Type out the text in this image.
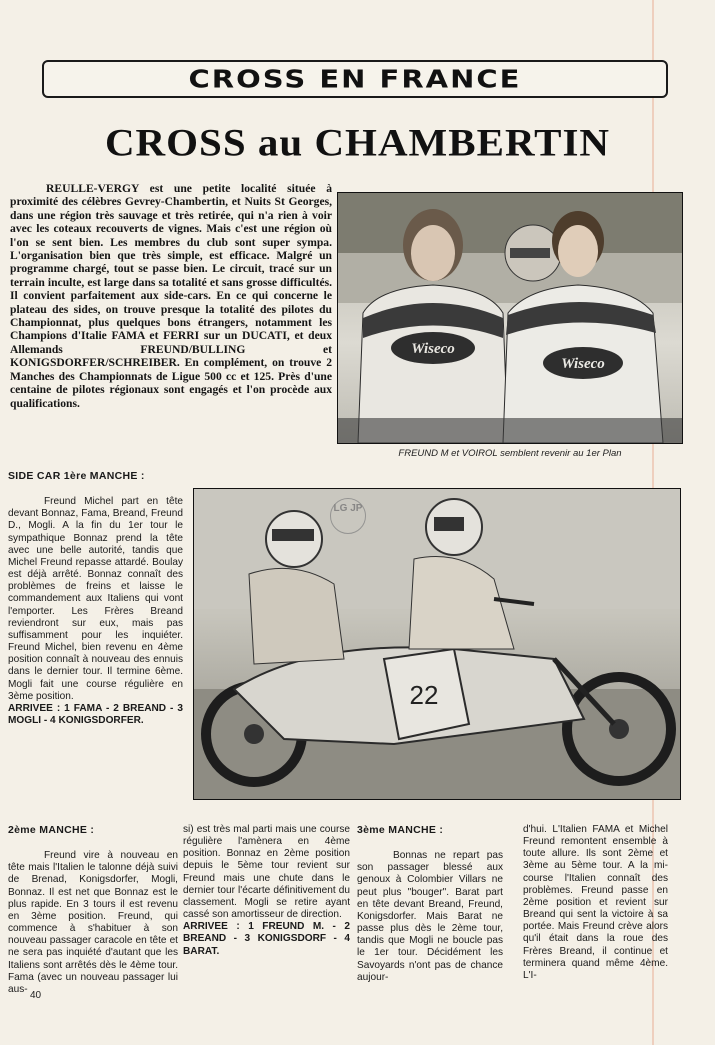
CROSS EN FRANCE
CROSS au CHAMBERTIN

REULLE-VERGY est une petite localité située à proximité des célèbres Gevrey-Chambertin, et Nuits St Georges, dans une région très sauvage et très retirée, qui n'a rien à voir avec les coteaux recouverts de vignes. Mais c'est une région où l'on se sent bien. Les membres du club sont super sympa. L'organisation bien que très simple, est efficace. Malgré un programme chargé, tout se passe bien. Le circuit, tracé sur un terrain inculte, est large dans sa totalité et sans grosse difficultés. Il convient parfaitement aux side-cars. En ce qui concerne le plateau des sides, on trouve presque la totalité des pilotes du Championnat, plus quelques bons étrangers, notamment les Champions d'Italie FAMA et FERRI sur un DUCATI, et deux Allemands FREUND/BULLING et KONIGSDORFER/SCHREIBER. En complément, on trouve 2 Manches des Championnats de Ligue 500 cc et 125. Près d'une centaine de pilotes régionaux sont engagés et l'on procède aux qualifications.

Wiseco
Wiseco
FREUND M et VOIROL semblent revenir au 1er Plan
22
LG JP

SIDE CAR 1ère MANCHE :

Freund Michel part en tête devant Bonnaz, Fama, Breand, Freund D., Mogli. A la fin du 1er tour le sympathique Bonnaz prend la tête avec une belle autorité, tandis que Michel Freund repasse attardé. Boulay est déjà arrêté. Bonnaz connaît des problèmes de freins et laisse le commandement aux Italiens qui vont l'emporter. Les Frères Breand reviendront sur eux, mais pas suffisamment pour les inquiéter. Freund Michel, bien revenu en 4ème position connaît à nouveau des ennuis dans le dernier tour. Il termine 6ème. Mogli fait une course régulière en 3ème position.

ARRIVEE : 1 FAMA - 2 BREAND - 3 MOGLI - 4 KONIGSDORFER.

2ème MANCHE :

Freund vire à nouveau en tête mais l'Italien le talonne déjà suivi de Brenad, Konigsdorfer, Mogli, Bonnaz. Il est net que Bonnaz est le plus rapide. En 3 tours il est revenu en 3ème position. Freund, qui commence à s'habituer à son nouveau passager caracole en tête et ne sera pas inquiété d'autant que les Italiens sont arrêtés dès le 4ème tour. Fama (avec un nouveau passager lui aus-

si) est très mal parti mais une course régulière l'amènera en 4ème position. Bonnaz en 2ème position depuis le 5ème tour revient sur Freund mais une chute dans le dernier tour l'écarte définitivement du classement. Mogli se retire ayant cassé son amortisseur de direction.

ARRIVEE : 1 FREUND M. - 2 BREAND - 3 KONIGSDORF - 4 BARAT.

3ème MANCHE :

Bonnas ne repart pas son passager blessé aux genoux à Colombier Villars ne peut plus "bouger". Barat part en tête devant Breand, Freund, Konigsdorfer. Mais Barat ne passe plus dès le 2ème tour, tandis que Mogli ne boucle pas le 1er tour. Décidément les Savoyards n'ont pas de chance aujour-

d'hui. L'Italien FAMA et Michel Freund remontent ensemble à toute allure. Ils sont 2ème et 3ème au 5ème tour. A la mi-course l'Italien connaît des problèmes. Freund passe en 2ème position et revient sur Breand qui sent la victoire à sa portée. Mais Freund crève alors qu'il était dans la roue des Frères Breand, il continue et terminera quand même 4ème. L'I-

40
